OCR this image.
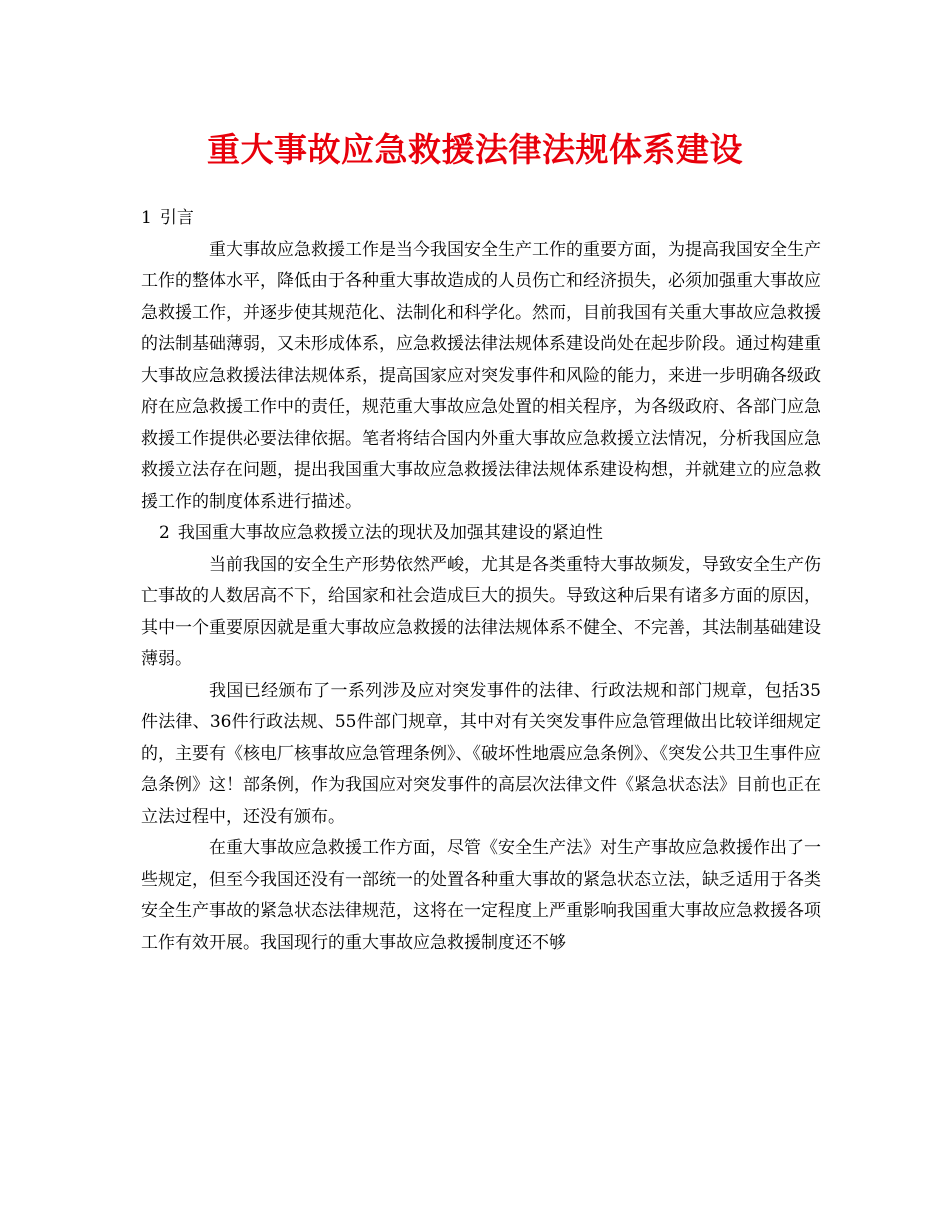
重大事故应急救援法律法规体系建设

1 引言

重大事故应急救援工作是当今我国安全生产工作的重要方面，为提高我国安全生产工作的整体水平，降低由于各种重大事故造成的人员伤亡和经济损失，必须加强重大事故应急救援工作，并逐步使其规范化、法制化和科学化。然而，目前我国有关重大事故应急救援的法制基础薄弱，又未形成体系，应急救援法律法规体系建设尚处在起步阶段。通过构建重大事故应急救援法律法规体系，提高国家应对突发事件和风险的能力，来进一步明确各级政府在应急救援工作中的责任，规范重大事故应急处置的相关程序，为各级政府、各部门应急救援工作提供必要法律依据。笔者将结合国内外重大事故应急救援立法情况，分析我国应急救援立法存在问题，提出我国重大事故应急救援法律法规体系建设构想，并就建立的应急救援工作的制度体系进行描述。

2 我国重大事故应急救援立法的现状及加强其建设的紧迫性

当前我国的安全生产形势依然严峻，尤其是各类重特大事故频发，导致安全生产伤亡事故的人数居高不下，给国家和社会造成巨大的损失。导致这种后果有诸多方面的原因，其中一个重要原因就是重大事故应急救援的法律法规体系不健全、不完善，其法制基础建设薄弱。

我国已经颁布了一系列涉及应对突发事件的法律、行政法规和部门规章，包括35件法律、36件行政法规、55件部门规章，其中对有关突发事件应急管理做出比较详细规定的，主要有《核电厂核事故应急管理条例》、《破坏性地震应急条例》、《突发公共卫生事件应急条例》这！部条例，作为我国应对突发事件的高层次法律文件《紧急状态法》目前也正在立法过程中，还没有颁布。

在重大事故应急救援工作方面，尽管《安全生产法》对生产事故应急救援作出了一些规定，但至今我国还没有一部统一的处置各种重大事故的紧急状态立法，缺乏适用于各类安全生产事故的紧急状态法律规范，这将在一定程度上严重影响我国重大事故应急救援各项工作有效开展。我国现行的重大事故应急救援制度还不够
